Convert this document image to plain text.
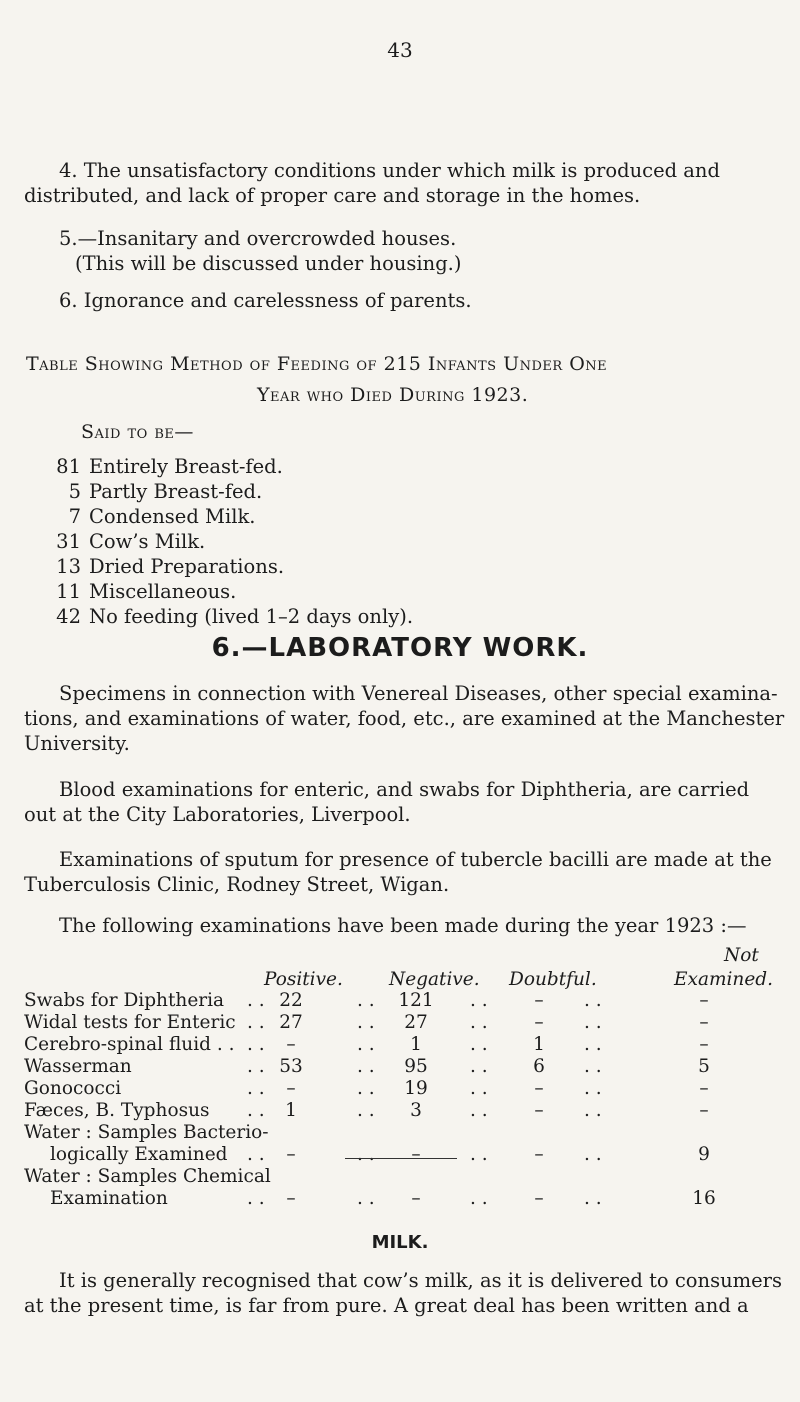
43
4. The unsatisfactory conditions under which milk is produced and
distributed, and lack of proper care and storage in the homes.
5.—Insanitary and overcrowded houses.
(This will be discussed under housing.)
6. Ignorance and carelessness of parents.
Table Showing Method of Feeding of 215 Infants Under One
Year who Died During 1923.
Said to be—
81 Entirely Breast-fed.
5 Partly Breast-fed.
7 Condensed Milk.
31 Cow’s Milk.
13 Dried Preparations.
11 Miscellaneous.
42 No feeding (lived 1–2 days only).
6.—LABORATORY WORK.
Specimens in connection with Venereal Diseases, other special examina-
tions, and examinations of water, food, etc., are examined at the Manchester
University.
Blood examinations for enteric, and swabs for Diphtheria, are carried
out at the City Laboratories, Liverpool.
Examinations of sputum for presence of tubercle bacilli are made at the
Tuberculosis Clinic, Rodney Street, Wigan.
The following examinations have been made during the year 1923 :—
Not
Positive. Negative. Doubtful.	Examined.
Swabs for Diphtheria . . 22	. . 121 . .	–	. .	–
Widal tests for Enteric . . 27	. .	27	. .	–	. .	–
Cerebro-spinal fluid . . . .	–	. .	1	. .	1	. .	–
Wasserman	. . 53	. .	95	. .	6	. .	5
Gonococci	. .	–	. .	19	. .	–	. .	–
Fæces, B. Typhosus . .	1	. .	3	. .	–	. .	–
Water : Samples Bacterio-
logically Examined . .	–	. .	–	. .	–	. .	9
Water : Samples Chemical
Examination	. .	–	. .	–	. .	–	. .	16
MILK.
It is generally recognised that cow’s milk, as it is delivered to consumers
at the present time, is far from pure. A great deal has been written and a
